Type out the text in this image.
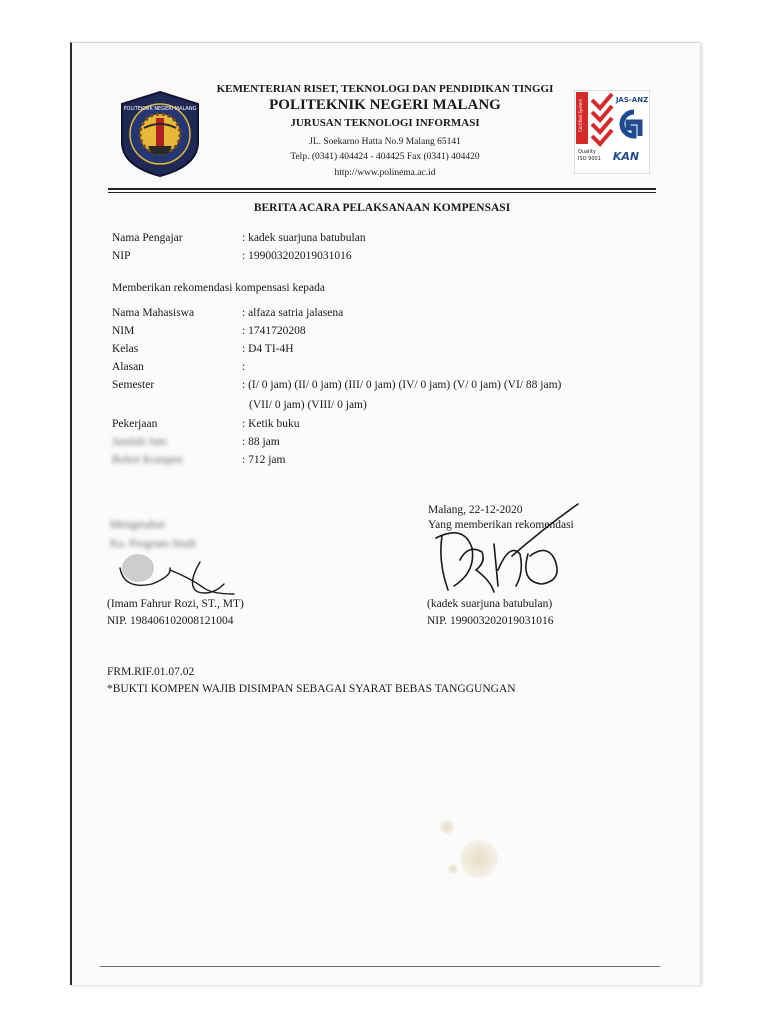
POLITEKNIK NEGERI MALANG
JAS-ANZ
Quality
ISO 9001 KAN
Certified System
KEMENTERIAN RISET, TEKNOLOGI DAN PENDIDIKAN TINGGI
POLITEKNIK NEGERI MALANG
JURUSAN TEKNOLOGI INFORMASI
JL. Soekarno Hatta No.9 Malang 65141
Telp. (0341) 404424 - 404425 Fax (0341) 404420
http://www.polinema.ac.id
BERITA ACARA PELAKSANAAN KOMPENSASI
Nama Pengajar	: kadek suarjuna batubulan
NIP	: 199003202019031016
Memberikan rekomendasi kompensasi kepada
Nama Mahasiswa	: alfaza satria jalasena
NIM	: 1741720208
Kelas	: D4 TI-4H
Alasan	:
Semester	: (I/ 0 jam) (II/ 0 jam) (III/ 0 jam) (IV/ 0 jam) (V/ 0 jam) (VI/ 88 jam)
(VII/ 0 jam) (VIII/ 0 jam)
Pekerjaan	: Ketik buku
Jumlah Jam	: 88 jam
Bobot Kompen	: 712 jam
Malang, 22-12-2020
Yang memberikan rekomendasi
(kadek suarjuna batubulan)
NIP. 199003202019031016
Mengetahui
Ka. Program Studi
(Imam Fahrur Rozi, ST., MT)
NIP. 198406102008121004
FRM.RIF.01.07.02
*BUKTI KOMPEN WAJIB DISIMPAN SEBAGAI SYARAT BEBAS TANGGUNGAN
